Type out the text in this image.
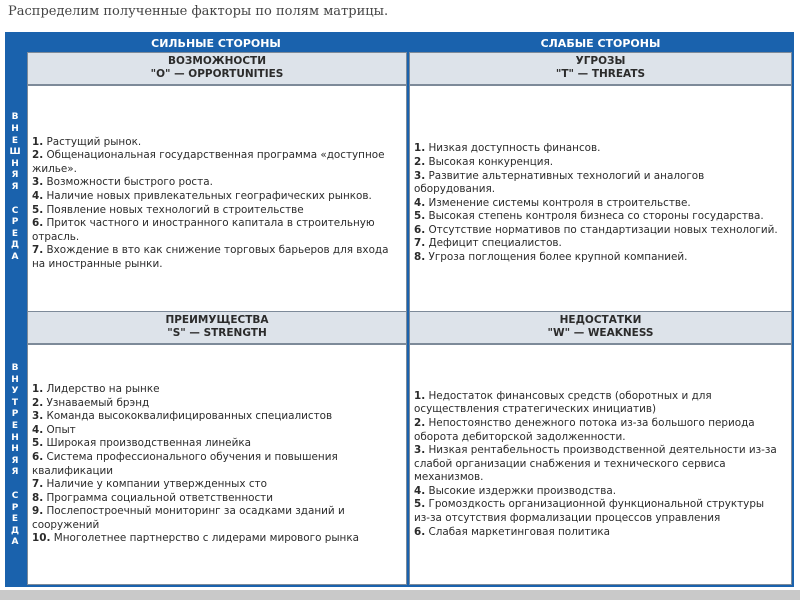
Распределим полученные факторы по полям матрицы.
СИЛЬНЫЕ СТОРОНЫ	СЛАБЫЕ СТОРОНЫ
В
Н
Е
Ш
Н
Я
Я
С
Р
Е
Д
А
В
Н
У
Т
Р
Е
Н
Н
Я
Я
С
Р
Е
Д
А
ВОЗМОЖНОСТИ
"O" — OPPORTUNITIES
1. Растущий рынок.
2. Общенациональная государственная программа «доступное жилье».
3. Возможности быстрого роста.
4. Наличие новых привлекательных географических рынков.
5. Появление новых технологий в строительстве
6. Приток частного и иностранного капитала в строительную отрасль.
7. Вхождение в вто как снижение торговых барьеров для входа на иностранные рынки.
УГРОЗЫ
"T" — THREATS
1. Низкая доступность финансов.
2. Высокая конкуренция.
3. Развитие альтернативных технологий и аналогов оборудования.
4. Изменение системы контроля в строительстве.
5. Высокая степень контроля бизнеса со стороны государства.
6. Отсутствие нормативов по стандартизации новых технологий.
7. Дефицит специалистов.
8. Угроза поглощения более крупной компанией.
ПРЕИМУЩЕСТВА
"S" — STRENGTH
1. Лидерство на рынке
2. Узнаваемый брэнд
3. Команда высококвалифицированных специалистов
4. Опыт
5. Широкая производственная линейка
6. Система профессионального обучения и повышения квалификации
7. Наличие у компании утвержденных сто
8. Программа социальной ответственности
9. Послепостроечный мониторинг за осадками зданий и сооружений
10. Многолетнее партнерство с лидерами мирового рынка
НЕДОСТАТКИ
"W" — WEAKNESS
1. Недостаток финансовых средств (оборотных и для осуществления стратегических инициатив)
2. Непостоянство денежного потока из-за большого периода оборота дебиторской задолженности.
3. Низкая рентабельность производственной деятельности из-за слабой организации снабжения и технического сервиса механизмов.
4. Высокие издержки производства.
5. Громоздкость организационной функциональной структуры из-за отсутствия формализации процессов управления
6. Слабая маркетинговая политика
